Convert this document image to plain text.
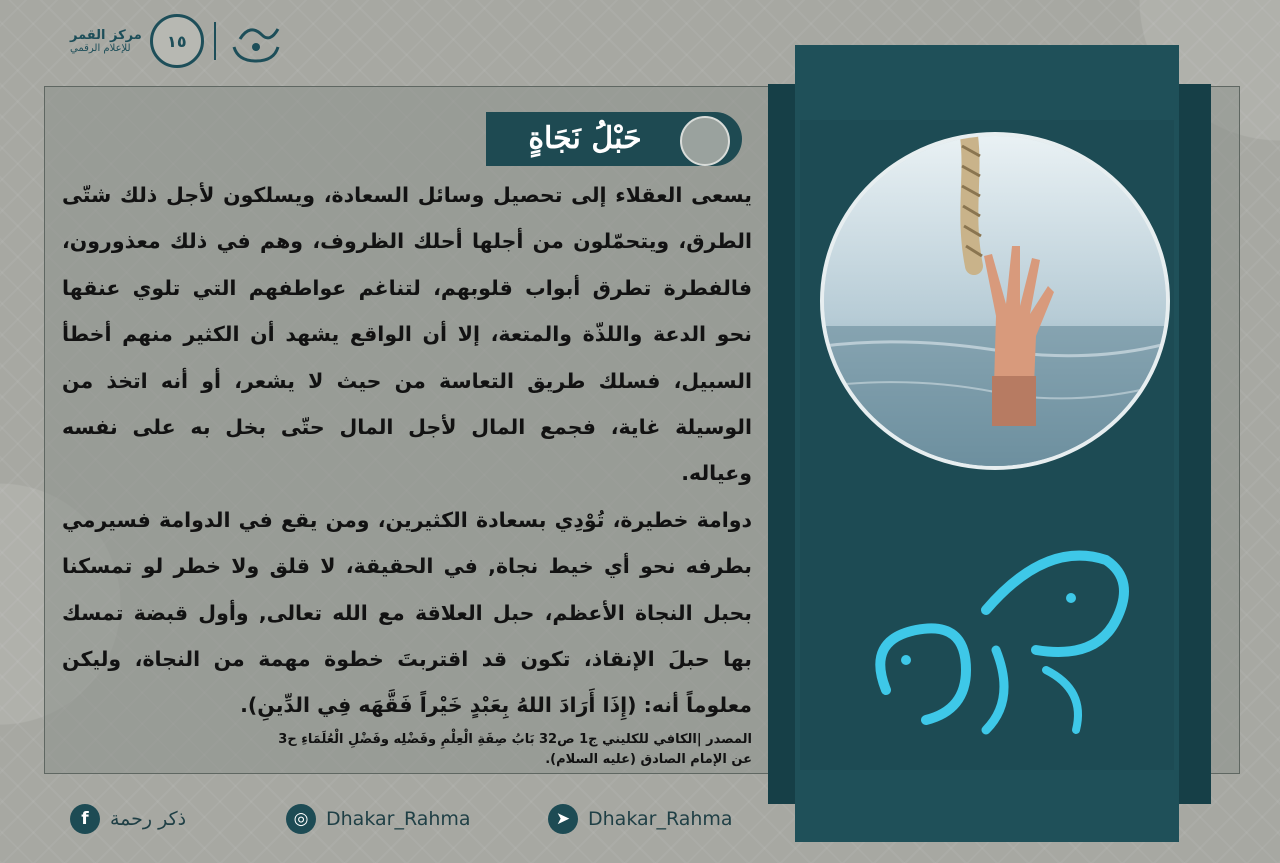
مركز القمر
للإعلام الرقمي ١٥
حَبْلُ نَجَاةٍ

يسعى العقلاء إلى تحصيل وسائل السعادة، ويسلكون لأجل ذلك شتّى الطرق، ويتحمّلون من أجلها أحلك الظروف، وهم في ذلك معذورون، فالفطرة تطرق أبواب قلوبهم، لتناغم عواطفهم التي تلوي عنقها نحو الدعة واللذّة والمتعة، إلا أن الواقع يشهد أن الكثير منهم أخطأ السبيل، فسلك طريق التعاسة من حيث لا يشعر، أو أنه اتخذ من الوسيلة غاية، فجمع المال لأجل المال حتّى بخل به على نفسه وعياله.

دوامة خطيرة، تُوْدِي بسعادة الكثيرين، ومن يقع في الدوامة فسيرمي بطرفه نحو أي خيط نجاة, في الحقيقة، لا قلق ولا خطر لو تمسكنا بحبل النجاة الأعظم، حبل العلاقة مع الله تعالى, وأول قبضة تمسك بها حبلَ الإنقاذ، تكون قد اقتربتَ خطوة مهمة من النجاة، وليكن معلوماً أنه: (إِذَا أَرَادَ اللهُ بِعَبْدٍ خَيْراً فَقَّهَه فِي الدِّينِ).

المصدر |الكافي للكليني ج1 ص32 بَابُ صِفَةِ الْعِلْمِ وفَضْلِه وفَضْلِ الْعُلَمَاءِ ح3
عن الإمام الصادق (عليه السلام).
f	ذكر رحمة	◎ Dhakar_Rahma	➤ Dhakar_Rahma
